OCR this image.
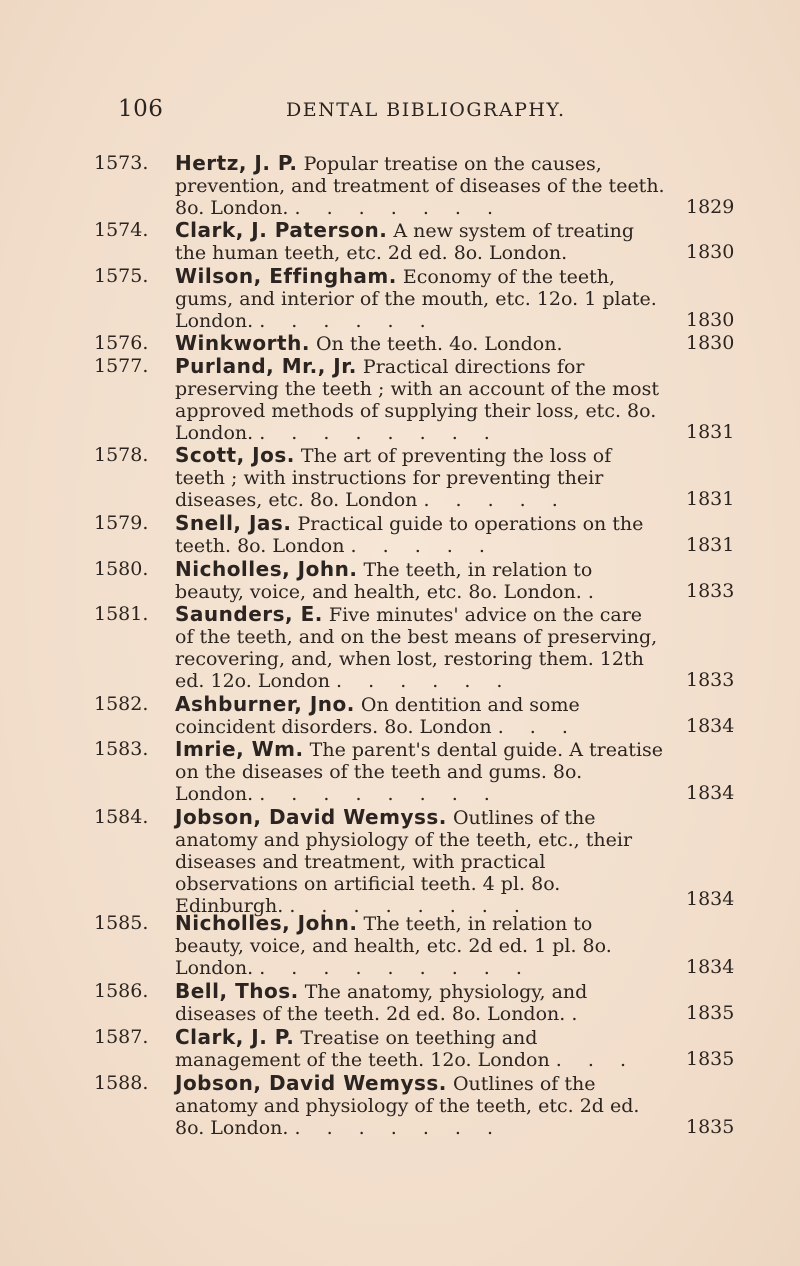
106	DENTAL BIBLIOGRAPHY.
1573. Hertz, J. P. Popular treatise on the causes, prevention, and treatment of diseases of the teeth. 8o. London. . . . . . . .	1829
1574. Clark, J. Paterson. A new system of treating the human teeth, etc. 2d ed. 8o. London.	1830
1575. Wilson, Effingham. Economy of the teeth, gums, and interior of the mouth, etc. 12o. 1 plate. London. . . . . . .	1830
1576. Winkworth. On the teeth. 4o. London.	1830
1577. Purland, Mr., Jr. Practical directions for preserving the teeth ; with an account of the most approved methods of supplying their loss, etc. 8o. London. . . . . . . . .	1831
1578. Scott, Jos. The art of preventing the loss of teeth ; with instructions for preventing their diseases, etc. 8o. London . . . . .	1831
1579. Snell, Jas. Practical guide to operations on the teeth. 8o. London . . . . .	1831
1580. Nicholles, John. The teeth, in relation to beauty, voice, and health, etc. 8o. London. .	1833
1581. Saunders, E. Five minutes' advice on the care of the teeth, and on the best means of preserving, recovering, and, when lost, restoring them. 12th ed. 12o. London . . . . . .	1833
1582. Ashburner, Jno. On dentition and some coincident disorders. 8o. London . . .	1834
1583. Imrie, Wm. The parent's dental guide. A treatise on the diseases of the teeth and gums. 8o. London. . . . . . . . .	1834
1584. Jobson, David Wemyss. Outlines of the anatomy and physiology of the teeth, etc., their diseases and treatment, with practical observations on artificial teeth. 4 pl. 8o. Edinburgh. . . . . . . . .	1834
1585. Nicholles, John. The teeth, in relation to beauty, voice, and health, etc. 2d ed. 1 pl. 8o. London. . . . . . . . . .	1834
1586. Bell, Thos. The anatomy, physiology, and diseases of the teeth. 2d ed. 8o. London. .	1835
1587. Clark, J. P. Treatise on teething and management of the teeth. 12o. London . . .	1835
1588. Jobson, David Wemyss. Outlines of the anatomy and physiology of the teeth, etc. 2d ed. 8o. London. . . . . . . .	1835
